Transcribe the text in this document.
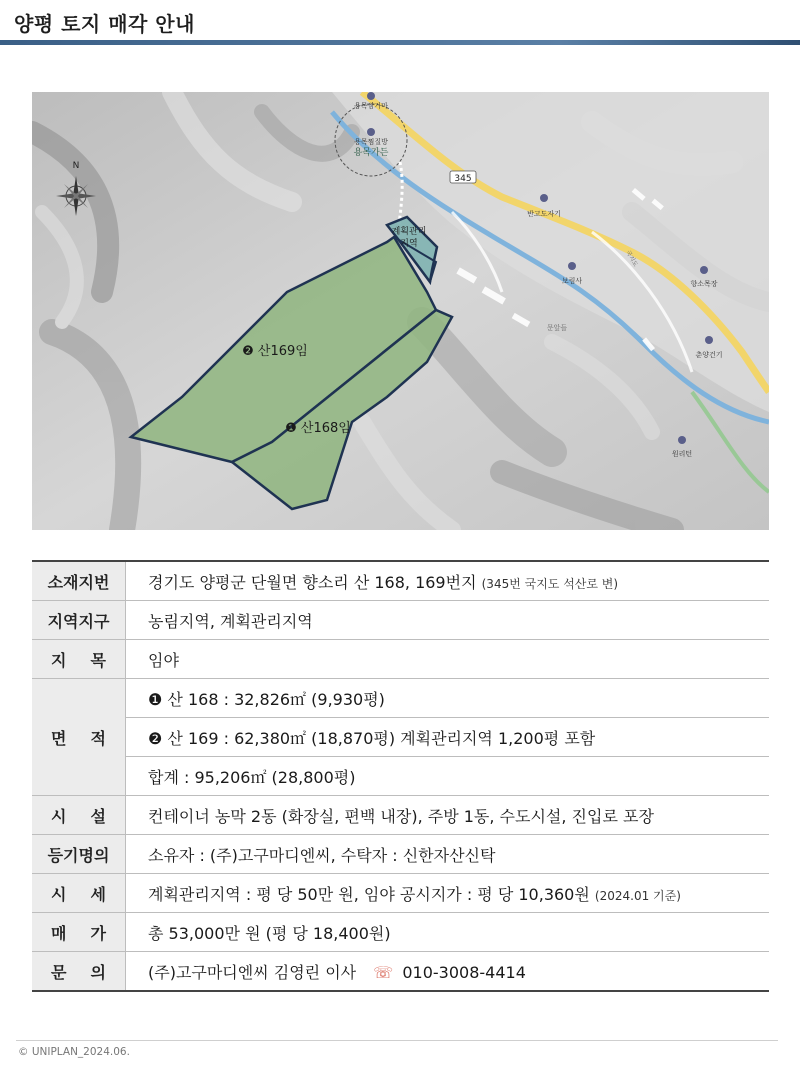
양평 토지 매각 안내
N
용목쌈가마
용목찜질방
용목가든
반고도자기
보림사	향소목장
문앞들
춘양건기
원리턴
345
국지도
계획관리
지역
❷ 산169임
❶ 산168임
소재지번	경기도 양평군 단월면 향소리 산 168, 169번지 (345번 국지도 석산로 변)
지역지구	농림지역, 계획관리지역
지목	임야
면적	❶ 산 168 : 32,826㎡ (9,930평)
	❷ 산 169 : 62,380㎡ (18,870평) 계획관리지역 1,200평 포함
	합계 : 95,206㎡ (28,800평)
시설	컨테이너 농막 2동 (화장실, 편백 내장), 주방 1동, 수도시설, 진입로 포장
등기명의	소유자 : (주)고구마디엔씨, 수탁자 : 신한자산신탁
시세	계획관리지역 : 평 당 50만 원, 임야 공시지가 : 평 당 10,360원 (2024.01 기준)
매가	총 53,000만 원 (평 당 18,400원)
문의	(주)고구마디엔씨 김영린 이사 ☏ 010-3008-4414
© UNIPLAN_2024.06.
